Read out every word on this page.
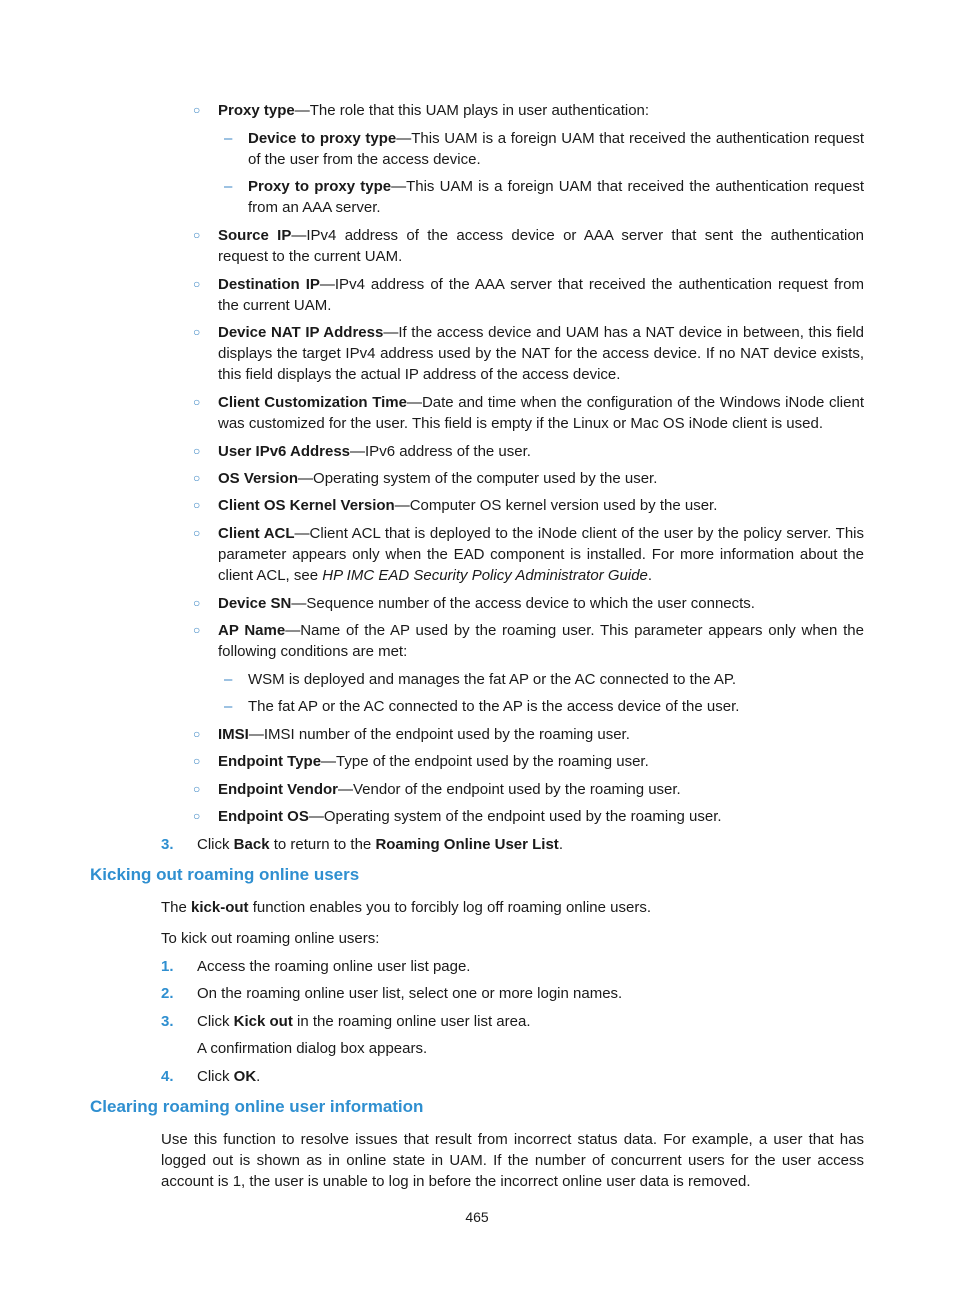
○ Proxy type—The role that this UAM plays in user authentication:
– Device to proxy type—This UAM is a foreign UAM that received the authentication request of the user from the access device.
– Proxy to proxy type—This UAM is a foreign UAM that received the authentication request from an AAA server.
○ Source IP—IPv4 address of the access device or AAA server that sent the authentication request to the current UAM.
○ Destination IP—IPv4 address of the AAA server that received the authentication request from the current UAM.
○ Device NAT IP Address—If the access device and UAM has a NAT device in between, this field displays the target IPv4 address used by the NAT for the access device. If no NAT device exists, this field displays the actual IP address of the access device.
○ Client Customization Time—Date and time when the configuration of the Windows iNode client was customized for the user. This field is empty if the Linux or Mac OS iNode client is used.
○ User IPv6 Address—IPv6 address of the user.
○ OS Version—Operating system of the computer used by the user.
○ Client OS Kernel Version—Computer OS kernel version used by the user.
○ Client ACL—Client ACL that is deployed to the iNode client of the user by the policy server. This parameter appears only when the EAD component is installed. For more information about the client ACL, see HP IMC EAD Security Policy Administrator Guide.
○ Device SN—Sequence number of the access device to which the user connects.
○ AP Name—Name of the AP used by the roaming user. This parameter appears only when the following conditions are met:
– WSM is deployed and manages the fat AP or the AC connected to the AP.
– The fat AP or the AC connected to the AP is the access device of the user.
○ IMSI—IMSI number of the endpoint used by the roaming user.
○ Endpoint Type—Type of the endpoint used by the roaming user.
○ Endpoint Vendor—Vendor of the endpoint used by the roaming user.
○ Endpoint OS—Operating system of the endpoint used by the roaming user.
3. Click Back to return to the Roaming Online User List.
Kicking out roaming online users
The kick-out function enables you to forcibly log off roaming online users.
To kick out roaming online users:
1. Access the roaming online user list page.
2. On the roaming online user list, select one or more login names.
3. Click Kick out in the roaming online user list area.
A confirmation dialog box appears.
4. Click OK.
Clearing roaming online user information
Use this function to resolve issues that result from incorrect status data. For example, a user that has logged out is shown as in online state in UAM. If the number of concurrent users for the user access account is 1, the user is unable to log in before the incorrect online user data is removed.
465
